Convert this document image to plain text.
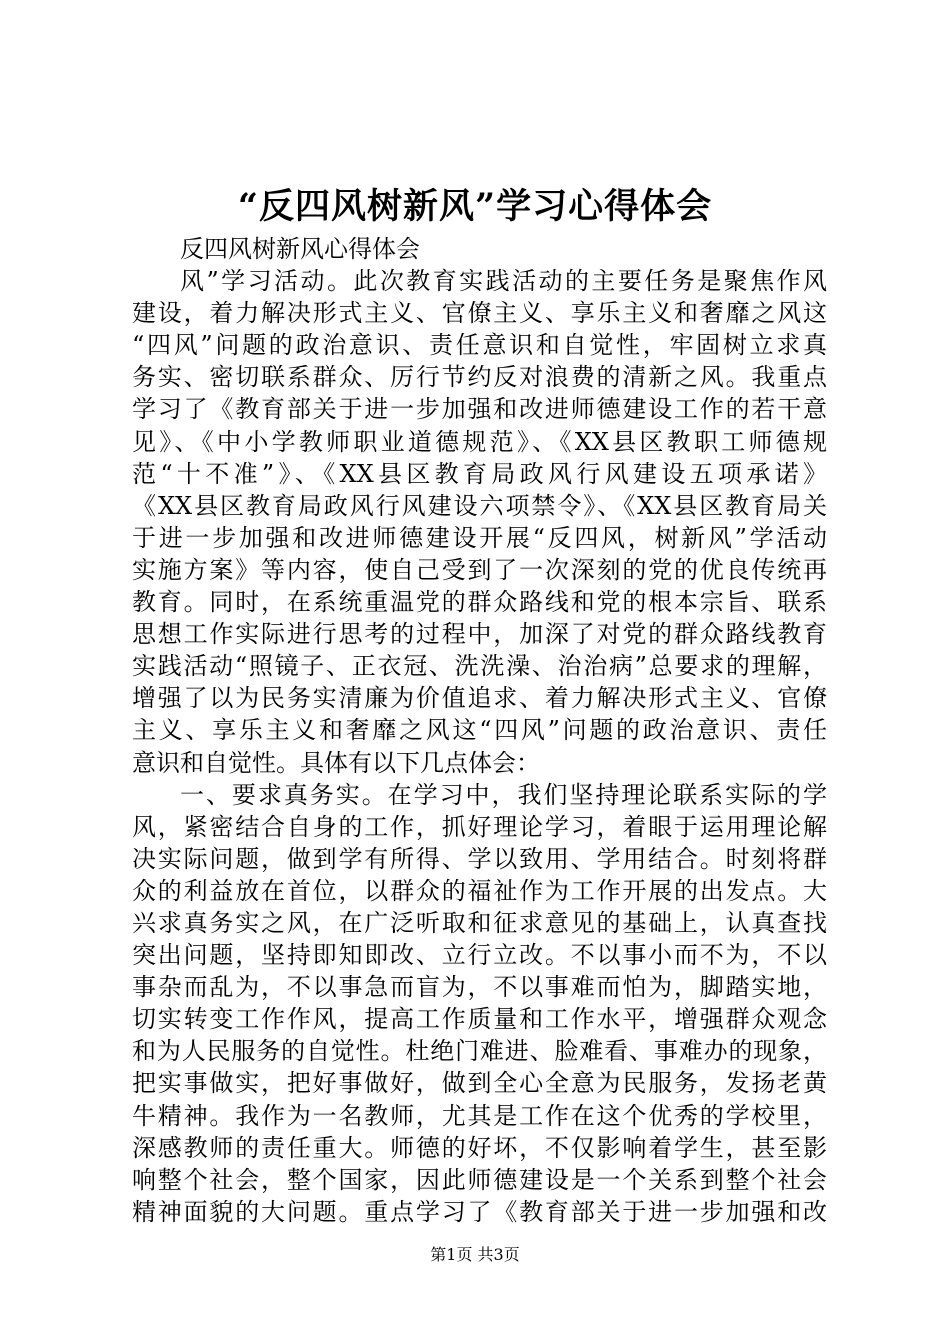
“反四风树新风”学习心得体会
反四风树新风心得体会
风”学习活动。此次教育实践活动的主要任务是聚焦作风
建设，着力解决形式主义、官僚主义、享乐主义和奢靡之风这
“四风”问题的政治意识、责任意识和自觉性，牢固树立求真
务实、密切联系群众、厉行节约反对浪费的清新之风。我重点
学习了《教育部关于进一步加强和改进师德建设工作的若干意
见》、《中小学教师职业道德规范》、《XX县区教职工师德规
范“十不准”》、《XX县区教育局政风行风建设五项承诺》
《XX县区教育局政风行风建设六项禁令》、《XX县区教育局关
于进一步加强和改进师德建设开展“反四风，树新风”学活动
实施方案》等内容，使自己受到了一次深刻的党的优良传统再
教育。同时，在系统重温党的群众路线和党的根本宗旨、联系
思想工作实际进行思考的过程中，加深了对党的群众路线教育
实践活动“照镜子、正衣冠、洗洗澡、治治病”总要求的理解，
增强了以为民务实清廉为价值追求、着力解决形式主义、官僚
主义、享乐主义和奢靡之风这“四风”问题的政治意识、责任
意识和自觉性。具体有以下几点体会：
一、要求真务实。在学习中，我们坚持理论联系实际的学
风，紧密结合自身的工作，抓好理论学习，着眼于运用理论解
决实际问题，做到学有所得、学以致用、学用结合。时刻将群
众的利益放在首位，以群众的福祉作为工作开展的出发点。大
兴求真务实之风，在广泛听取和征求意见的基础上，认真查找
突出问题，坚持即知即改、立行立改。不以事小而不为，不以
事杂而乱为，不以事急而盲为，不以事难而怕为，脚踏实地，
切实转变工作作风，提高工作质量和工作水平，增强群众观念
和为人民服务的自觉性。杜绝门难进、脸难看、事难办的现象，
把实事做实，把好事做好，做到全心全意为民服务，发扬老黄
牛精神。我作为一名教师，尤其是工作在这个优秀的学校里，
深感教师的责任重大。师德的好坏，不仅影响着学生，甚至影
响整个社会，整个国家，因此师德建设是一个关系到整个社会
精神面貌的大问题。重点学习了《教育部关于进一步加强和改
第1页 共3页
